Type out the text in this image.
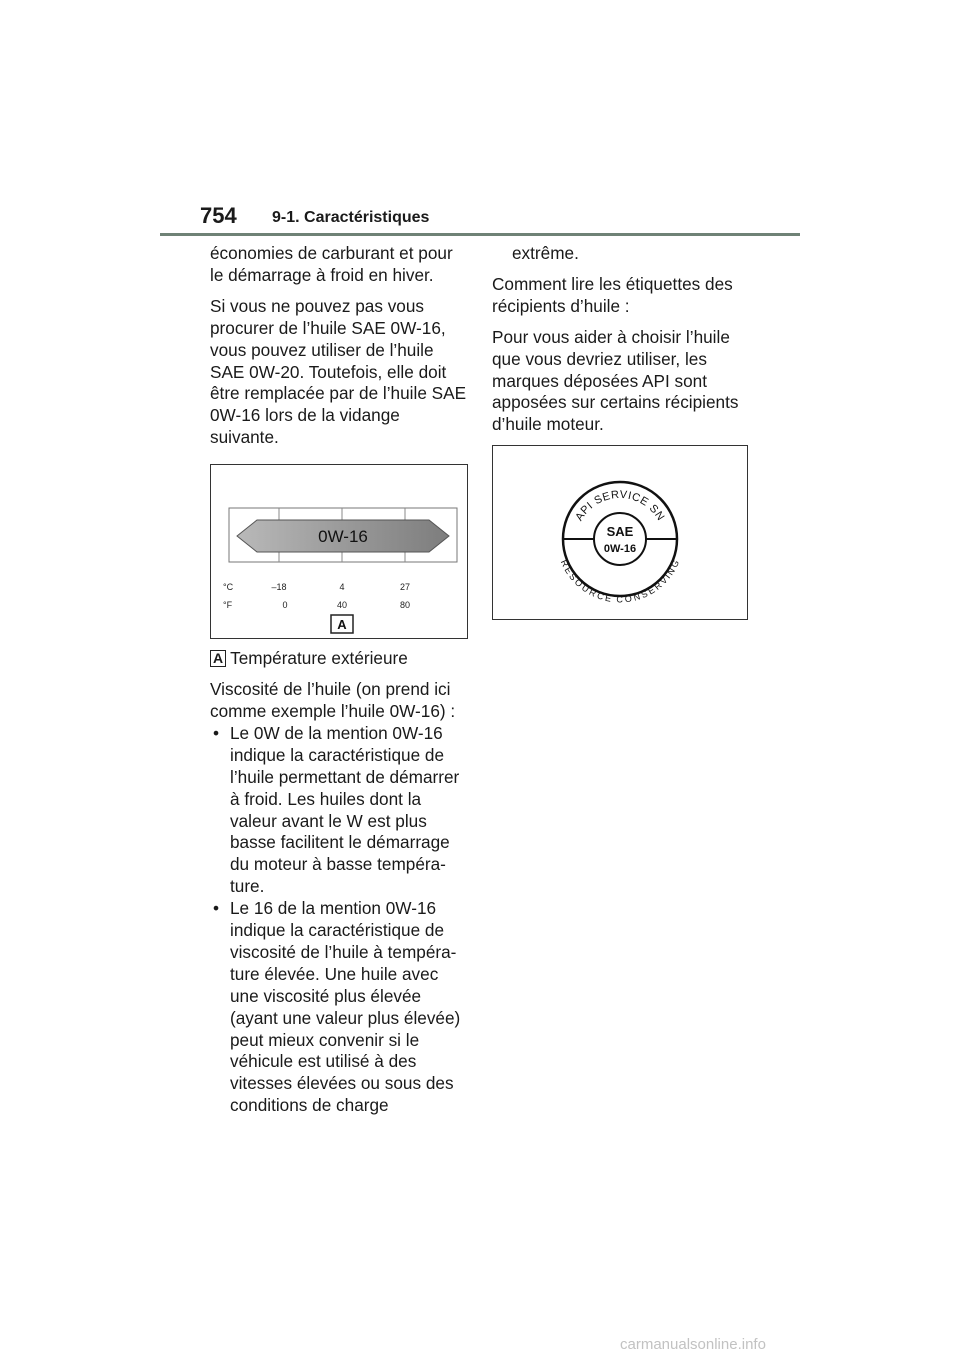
754 9-1. Caractéristiques

économies de carburant et pour le démarrage à froid en hiver.

Si vous ne pouvez pas vous procurer de l’huile SAE 0W-16, vous pouvez utiliser de l’huile SAE 0W-20. Toutefois, elle doit être remplacée par de l’huile SAE 0W-16 lors de la vidange suivante.

0W-16
°C	–18	4	27
°F	0	40	80
A

A Température extérieure

Viscosité de l’huile (on prend ici comme exemple l’huile 0W-16) :

• Le 0W de la mention 0W-16 indique la caractéristique de l’huile permettant de démarrer à froid. Les huiles dont la valeur avant le W est plus basse facilitent le démarrage du moteur à basse tempéra-ture.
• Le 16 de la mention 0W-16 indique la caractéristique de viscosité de l’huile à tempéra-ture élevée. Une huile avec une viscosité plus élevée (ayant une valeur plus élevée) peut mieux convenir si le véhicule est utilisé à des vitesses élevées ou sous des conditions de charge

extrême.

Comment lire les étiquettes des récipients d’huile :

Pour vous aider à choisir l’huile que vous devriez utiliser, les marques déposées API sont apposées sur certains récipients d’huile moteur.

API SERVICE SN
RESOURCE CONSERVING
SAE
0W-16
carmanualsonline.info
